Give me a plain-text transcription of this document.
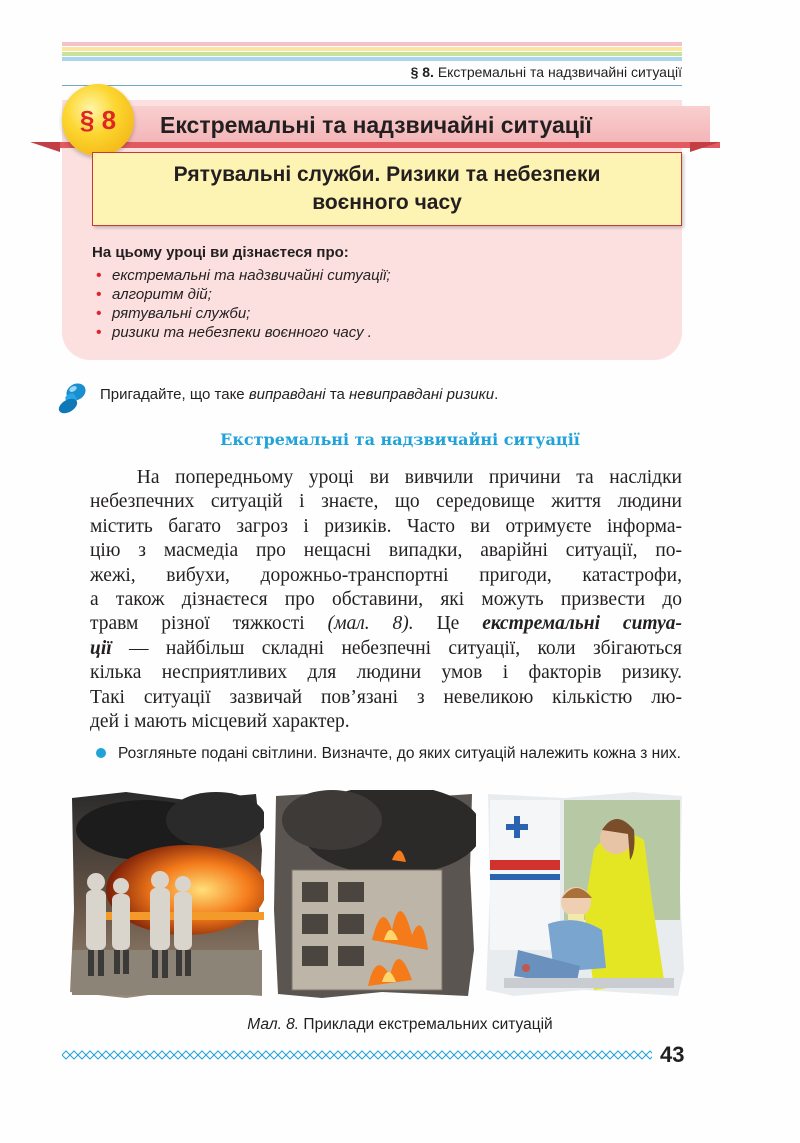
§ 8. Екстремальні та надзвичайні ситуації
§ 8	Екстремальні та надзвичайні ситуації
Рятувальні служби. Ризики та небезпеки
воєнного часу
На цьому уроці ви дізнаєтеся про:
• екстремальні та надзвичайні ситуації;
• алгоритм дій;
• рятувальні служби;
• ризики та небезпеки воєнного часу .
Пригадайте, що таке виправдані та невиправдані ризики.
Екстремальні та надзвичайні ситуації
На попередньому уроці ви вивчили причини та наслідки
небезпечних ситуацій і знаєте, що середовище життя людини
містить багато загроз і ризиків. Часто ви отримуєте інформа-
цію з масмедіа про нещасні випадки, аварійні ситуації, по-
жежі, вибухи, дорожньо-транспортні пригоди, катастрофи,
а також дізнаєтеся про обставини, які можуть призвести до
травм різної тяжкості (мал. 8). Це екстремальні ситуа-
ції — найбільш складні небезпечні ситуації, коли збігаються
кілька несприятливих для людини умов і факторів ризику.
Такі ситуації зазвичай пов’язані з невеликою кількістю лю-
дей і мають місцевий характер.
Розгляньте подані світлини. Визначте, до яких ситуацій належить кожна з них.
Мал. 8. Приклади екстремальних ситуацій
43
